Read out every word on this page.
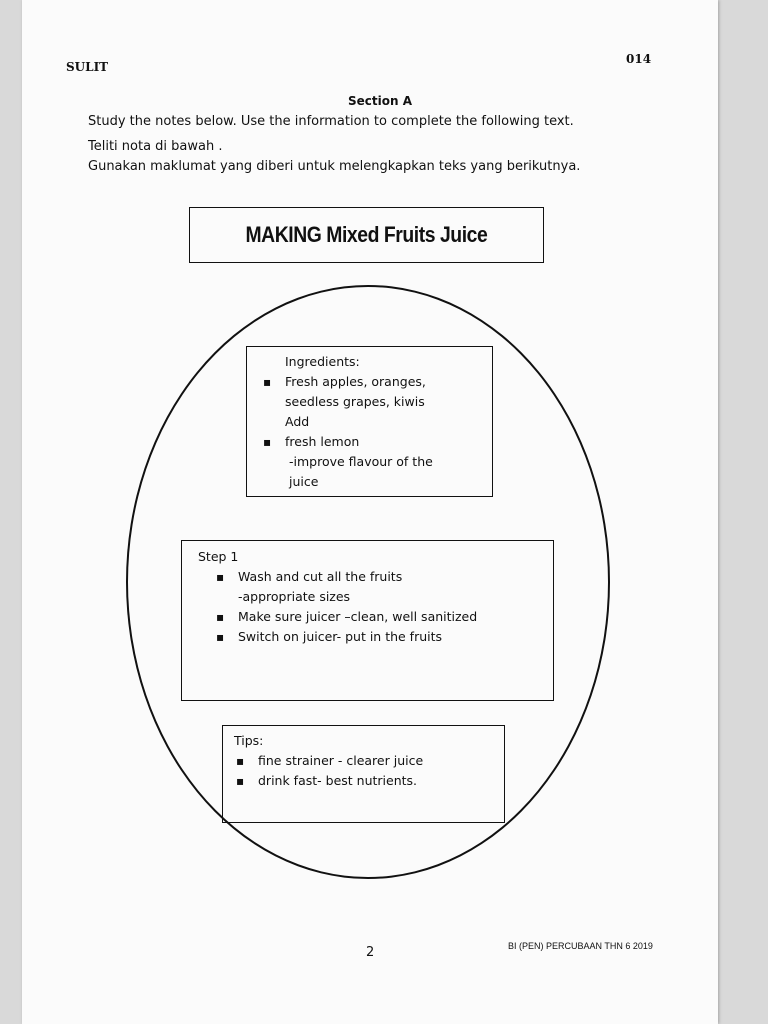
SULIT
014
Section A
Study the notes below. Use the information to complete the following text.
Teliti nota di bawah .
Gunakan maklumat yang diberi untuk melengkapkan teks yang berikutnya.
MAKING Mixed Fruits Juice
Ingredients:
▪ Fresh apples, oranges,
seedless grapes, kiwis
Add
▪ fresh lemon
-improve flavour of the
juice
Step 1
▪ Wash and cut all the fruits
-appropriate sizes
▪ Make sure juicer –clean, well sanitized
▪ Switch on juicer- put in the fruits
Tips:
▪ fine strainer - clearer juice
▪ drink fast- best nutrients.
2	BI (PEN) PERCUBAAN THN 6 2019
